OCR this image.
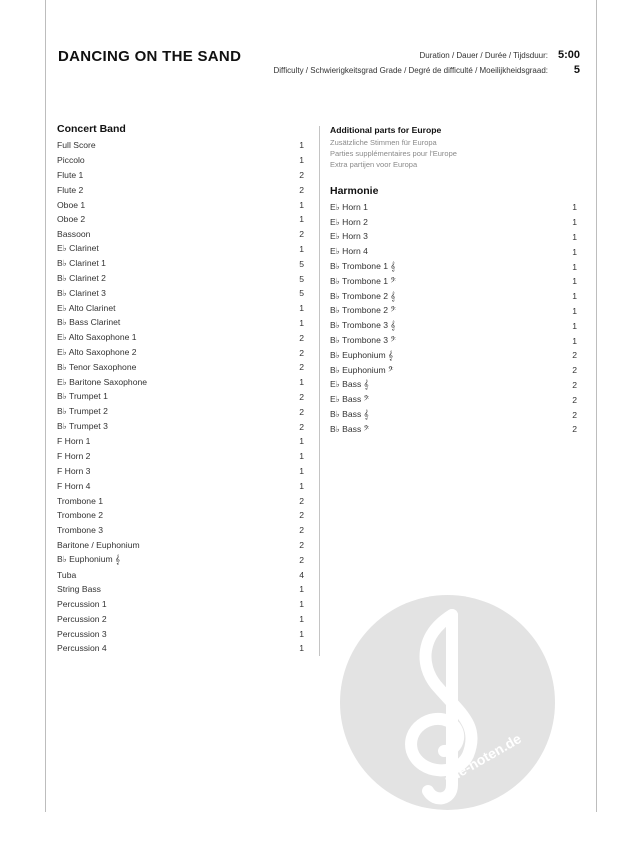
DANCING ON THE SAND	Duration / Dauer / Durée / Tijdsduur: 5:00
Difficulty / Schwierigkeitsgrad Grade / Degré de difficulté / Moeilijkheidsgraad: 5
Concert Band
Full Score	1
Piccolo	1
Flute 1	2
Flute 2	2
Oboe 1	1
Oboe 2	1
Bassoon	2
E♭ Clarinet	1
B♭ Clarinet 1	5
B♭ Clarinet 2	5
B♭ Clarinet 3	5
E♭ Alto Clarinet	1
B♭ Bass Clarinet	1
E♭ Alto Saxophone 1	2
E♭ Alto Saxophone 2	2
B♭ Tenor Saxophone	2
E♭ Baritone Saxophone	1
B♭ Trumpet 1	2
B♭ Trumpet 2	2
B♭ Trumpet 3	2
F Horn 1	1
F Horn 2	1
F Horn 3	1
F Horn 4	1
Trombone 1	2
Trombone 2	2
Trombone 3	2
Baritone / Euphonium	2
B♭ Euphonium 𝄞	2
Tuba	4
String Bass	1
Percussion 1	1
Percussion 2	1
Percussion 3	1
Percussion 4	1
Additional parts for Europe
Zusätzliche Stimmen für Europa
Parties supplémentaires pour l'Europe
Extra partijen voor Europa
Harmonie
E♭ Horn 1	1
E♭ Horn 2	1
E♭ Horn 3	1
E♭ Horn 4	1
B♭ Trombone 1 𝄞	1
B♭ Trombone 1 𝄢	1
B♭ Trombone 2 𝄞	1
B♭ Trombone 2 𝄢	1
B♭ Trombone 3 𝄞	1
B♭ Trombone 3 𝄢	1
B♭ Euphonium 𝄞	2
B♭ Euphonium 𝄢	2
E♭ Bass 𝄞	2
E♭ Bass 𝄢	2
B♭ Bass 𝄞	2
B♭ Bass 𝄢	2
alle-noten.de
